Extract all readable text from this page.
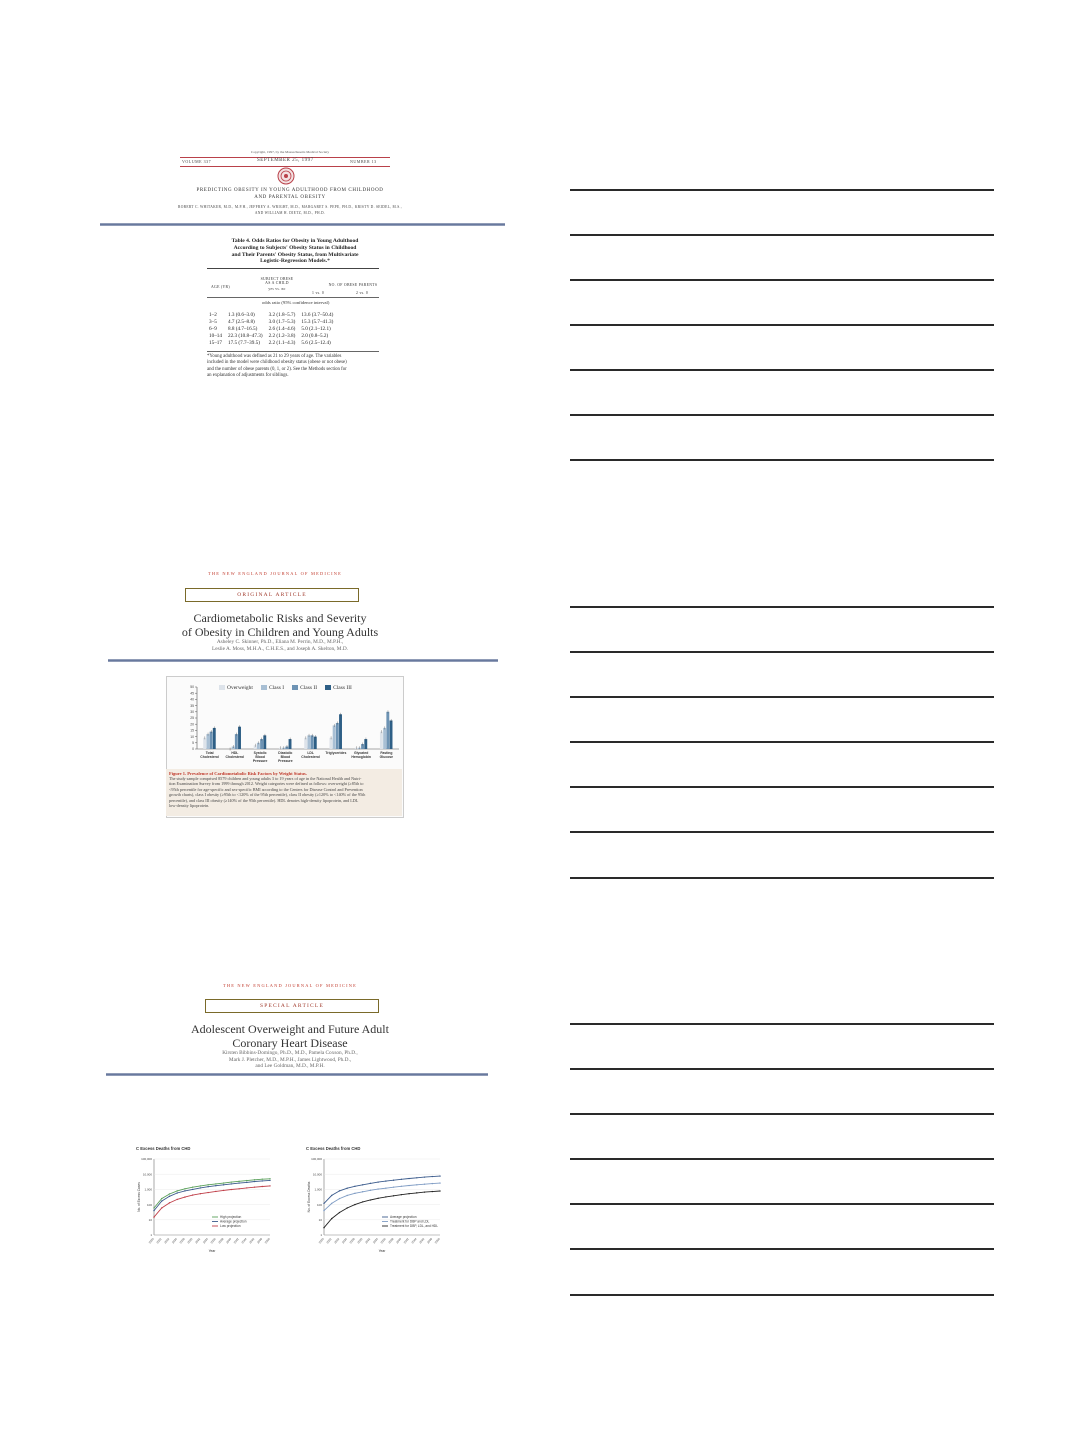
Copyright, 1997, by the Massachusetts Medical Society
VOLUME 337	SEPTEMBER 25, 1997	NUMBER 13
PREDICTING OBESITY IN YOUNG ADULTHOOD FROM CHILDHOOD
AND PARENTAL OBESITY
ROBERT C. WHITAKER, M.D., M.P.H., JEFFREY A. WRIGHT, M.D., MARGARET S. PEPE, PH.D., KRISTY D. SEIDEL, M.S.,
AND WILLIAM H. DIETZ, M.D., PH.D.
Table 4. Odds Ratios for Obesity in Young Adulthood
According to Subjects' Obesity Status in Childhood
and Their Parents' Obesity Status, from Multivariate
Logistic-Regression Models.*
AGE (YR)
SUBJECT OBESE
AS A CHILD
yes vs. no
NO. OF OBESE PARENTS
1 vs. 0	2 vs. 0
odds ratio (95% confidence interval)
1–2	1.3 (0.6–3.0)	3.2 (1.8–5.7)	13.6 (3.7–50.4)
3–5	4.7 (2.5–8.8)	3.0 (1.7–5.3)	15.3 (5.7–41.3)
6–9	8.8 (4.7–16.5)	2.6 (1.4–4.6)	5.0 (2.1–12.1)
10–14	22.3 (10.8–47.3)	2.2 (1.2–3.8)	2.0 (0.8–5.2)
15–17	17.5 (7.7–39.5)	2.2 (1.1–4.3)	5.6 (2.5–12.4)
*Young adulthood was defined as 21 to 29 years of age. The variables
included in the model were childhood obesity status (obese or not obese)
and the number of obese parents (0, 1, or 2). See the Methods section for
an explanation of adjustments for siblings.
THE NEW ENGLAND JOURNAL OF MEDICINE
ORIGINAL ARTICLE
Cardiometabolic Risks and Severity
of Obesity in Children and Young Adults
Asheley C. Skinner, Ph.D., Eliana M. Perrin, M.D., M.P.H.,
Leslie A. Moss, M.H.A., C.H.E.S., and Joseph A. Skelton, M.D.
Overweight	Class I	Class II	Class III
0
5
10
15
20
25
30
35
40
45
50
Total
Cholesterol
HDL
Cholesterol
Systolic
Blood
Pressure
Diastolic
Blood
Pressure
LDL
Cholesterol
Triglycerides Glycated
Hemoglobin
Fasting
Glucose
Figure 1. Prevalence of Cardiometabolic Risk Factors by Weight Status.
The study sample comprised 8579 children and young adults 3 to 19 years of age in the National Health and Nutri-
tion Examination Survey from 1999 through 2012. Weight categories were defined as follows: overweight (≥85th to
<95th percentile for age-specific and sex-specific BMI according to the Centers for Disease Control and Prevention
growth charts), class I obesity (≥95th to <120% of the 95th percentile), class II obesity (≥120% to <140% of the 95th
percentile), and class III obesity (≥140% of the 95th percentile). HDL denotes high-density lipoprotein, and LDL
low-density lipoprotein.
THE NEW ENGLAND JOURNAL OF MEDICINE
SPECIAL ARTICLE
Adolescent Overweight and Future Adult
Coronary Heart Disease
Kirsten Bibbins-Domingo, Ph.D., M.D., Pamela Coxson, Ph.D.,
Mark J. Pletcher, M.D., M.P.H., James Lightwood, Ph.D.,
and Lee Goldman, M.D., M.P.H.
C Excess Deaths from CHD
1
10
100
1,000
10,000
100,000
2020 2022 2024 2026 2028 2030 2032 2034 2036 2038 2040 2042 2044 2046 2048 2050
Year
No. of Excess Cases
High projection
Average projection
Low projection
C Excess Deaths from CHD
1
10
100
1,000
10,000
100,000
2020 2022 2024 2026 2028 2030 2032 2034 2036 2038 2040 2042 2044 2046 2048 2050
Year
No. of Excess Deaths
Average projection
Treatment for DBP and LDL
Treatment for DBP, LDL, and HDL
